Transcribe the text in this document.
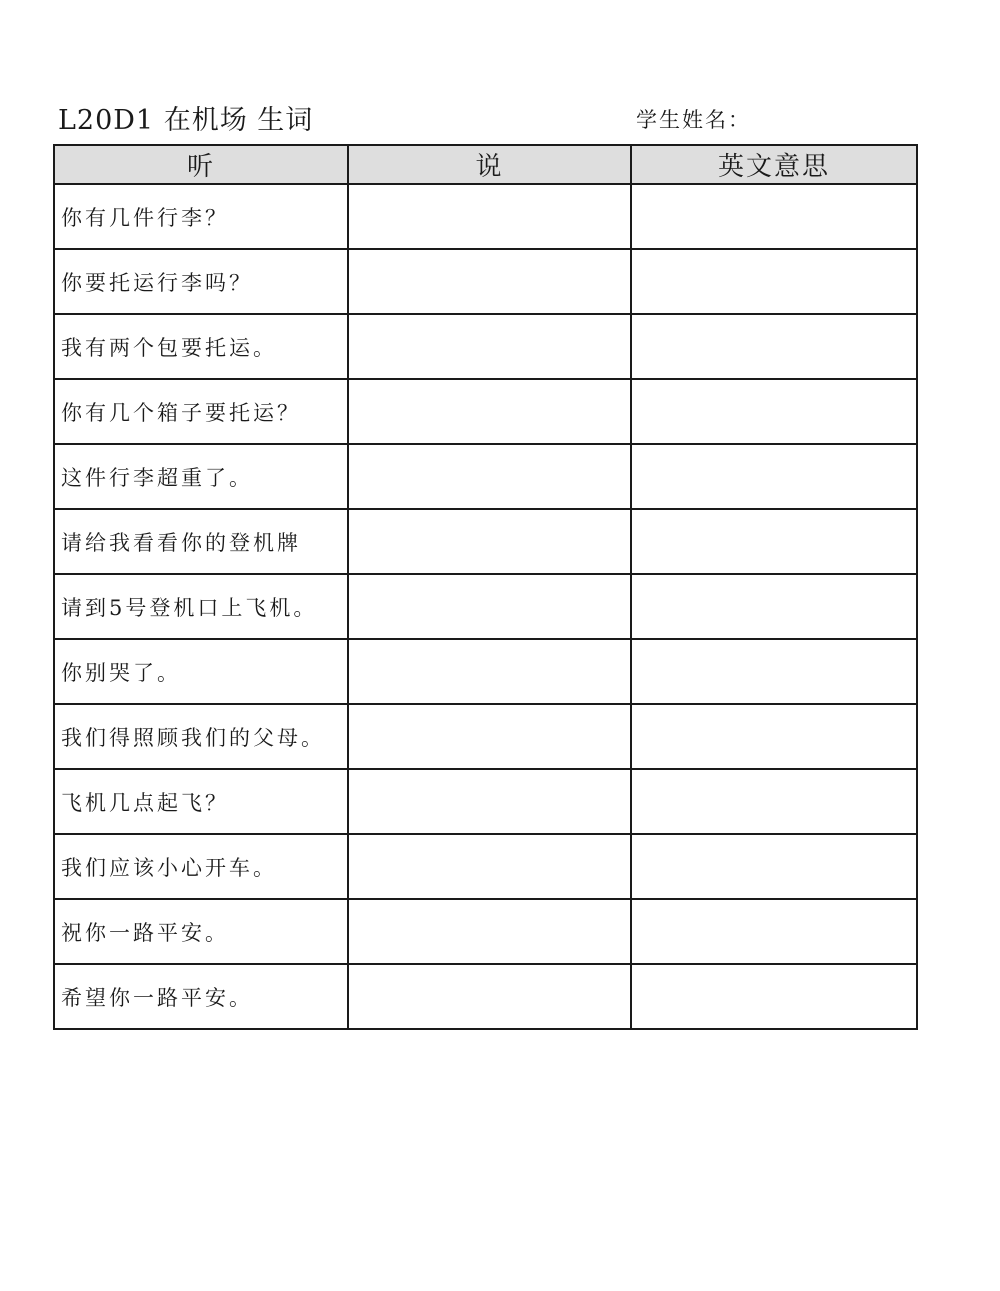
L20D1 在机场 生词	学生姓名：
听	说	英文意思
你有几件行李？		
你要托运行李吗？		
我有两个包要托运。		
你有几个箱子要托运？		
这件行李超重了。		
请给我看看你的登机牌		
请到5号登机口上飞机。		
你别哭了。		
我们得照顾我们的父母。		
飞机几点起飞？		
我们应该小心开车。		
祝你一路平安。		
希望你一路平安。		
